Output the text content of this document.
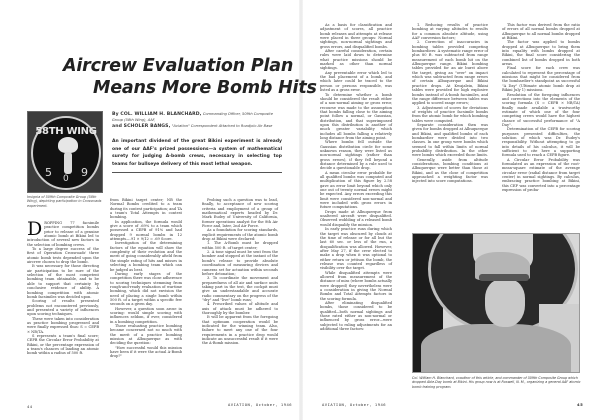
Aircrew Evaluation Plan
Means More Bomb Hits
By COL. WILLIAM H. BLANCHARD, Commanding Officer, 509th Composite Group (58th Wing), AAF,
and SCHOLER BANGS, "Aviation" Correspondent Attached to Roadjolo Air Base
An important dividend of the great Bikini experiment is already one of our AAF's prized possessions—a system of mathematical surety for judging A-bomb crews, necessary in selecting top teams for bullseye delivery of this most lethal weapon.
58TH WING
5 0 9
Insignia of 509th Composite Group (58th Wing), depicting participation in Crossroads experiment.

DROPPING 77 facsimile practice competition bombs prior to release of a genuine atomic bomb at Bikini led to introduction of several new factors in the selection of bombing crews.

To a large degree success of the first of Operation Crossroads' three atomic bomb tests depended upon the aircrew chosen to drop the bomb.

It was necessary for those directing air participation to be sure of the selection of the most competent bombing team obtainable, and to be able to support that certainty by conclusive evidence of ability. A bombing competition with atomic bomb facsimiles was decided upon.

Scoring of results presented problems not encountered previously, and presented a variety of influences upon scoring techniques.

These were taken into consideration as practice bombing progressed and were finally expressed thus: S = CEPB × NB/TA.

S represents a team's final score; CEPB the Circular Error Probability at Bikini, or the percentage expression of a team's chances of landing an atomic bomb within a radius of 500 ft.

from Bikini target center; NB the Normal Bombs credited to a team during its contest participation; and TA a team's Total Attempts in contest bombing.

In application, the formula would give a score of .69% to a team which possessed a CEPB of 91% and had dropped 9 normal bombs in 12 attempts—.91 × 9/12 = .69 Score.

Investigation of the determining factors of the equation will show the complexity of their evolution and the merit of going considerably afield from the simple rating of hits and misses in selecting a bombing team which can be judged as best.

During early stages of the competition there was close adherence to scoring techniques stemming from rough-and-ready evaluation of wartime bombing, which did not envision the need of placing a single bomb within 500 ft. of a target within a specific few seconds on a given day.

However, a question soon arose in scoring: would simple scoring with influences seldom, if ever, considered in a bombing competition.

Those evaluating practice bombing became concerned not so much with the merit of a practice bombing mission at Albuquerque as with deciding the question:

"How successful would this mission have been if it were the actual A-Bomb drop?"

Probing such a question was to lead, finally, to acceptance of new scoring criteria and employment of a group of mathematical experts headed by Dr. Mark Eudey of University of California, former operations analyst for the 8th Air Force and, later, 2nd Air Force.

As a foundation for scoring standards, explicit requirements of the atomic bomb drop at Bikini were declared:

1. The A-Bomb must be dropped within 500 ft. of target center;

2. A tone signal must be sent from the bomber and stopped at the instant of the bomb's release to provide absolute coordination of measuring devices and cameras set for actuation within seconds before detonation;

3. To coordinate the movement and preparedness of all air and surface units taking part in the test, the cockpit must give an understandable and accurate radio commentary on the progress of the "dry" and "live" bomb runs;

4. Prescribed values of altitude and axis of attack must be adhered to thoroughly by the bomber.

It will be apparent from the foregoing that optimum cooperation would be indicated for the winning team. Also, failure to meet any one of the four requirements in a practice drop would indicate an unsuccessful result if it were the A-Bomb mission.

As a basis for classification and adjustment of scores, all practice bomb releases and attempts at release were placed in three groups: Normal sightings, non-normal sightings and gross errors, and disqualified bombs.

After careful consideration, certain rules were laid down to determine what practice missions should be marked as other than normal sightings.

Any preventable error which led to the bad placement of a bomb, and which later could be traced to the person or persons responsible, was listed as a gross error.

To determine whether a bomb should be considered the result either of a non-normal aiming or gross error, recourse was made to the assumption that bombs falling close to the aiming point follow a normal, or Gaussian, distribution, and that superimposed upon this distribution is another of much greater variability which includes all bombs falling a relatively long distance from the aiming point.

Where bombs fell outside the Gaussian distribution circle for some unknown reason, they were listed as non-normal sightings (rather than gross errors), if they fell beyond a distance determined by a rule used to decide a questionable drop.

A mean circular error probable for all qualified bombs was computed and multiplication of this figure by 2.58 gave an error limit beyond which only one out of twenty normal errors might be expected. Any errors exceeding this limit were considered non-normal and were included with gross errors in future computations.

Drops made at Albuquerque from unaltered aircraft were disqualified. Observed wobbling of a released bomb would disqualify the mission.

In early practice runs during which the target was obscured by clouds at the time of release or for all but the last 60 sec. or less of the run, a disqualification was allowed. However, after May 27, if the crew elected to make a drop when it was optional to either return or jettison the bomb, the release was counted regardless of visibility over the target.

While disqualified attempts were allowed from measurement of the distance of miss (where bombs actually were dropped) they nevertheless were a consideration in giving the Normal Bombs and Total Attempts factors in the scoring formula.

After eliminating disqualified bombs, those considered to be qualified—both normal sightings and those rated either as non-normal or influenced by gross error—were subjected to ruling adjustments for an additional three factors:

1. Reducing results of practice bombing at varying altitudes to results for a common absolute altitude, using AAF conversion factors;

2. Correction of inaccuracies in bombing tables provided competing bombardiers: A systematic range error of plus 80 ft. was subtracted from range measurement of each bomb hit on the Albuquerque range. Bikini bombing tables provided for an air burst above the target, giving an "over" on impact which was subtracted from range errors of certain Albuquerque and Bikini practice drops. At Kwajalein, Bikini tables were provided for high explosive bombs instead of A-bomb facsimiles, and the range difference between tables was applied to scored range errors;

3. Adjustment of scores for deviations of weights of practice facsimile bombs from the atomic bomb for which bombing tables were computed.

Separate consideration then was given for bombs dropped at Albuquerque and Bikini, and qualified bombs of each bombardier were divided into two classes. In one group were bombs which seemed to fall within limits of normal probability distribution. In the other were bombs which exceeded those limits.

Generally, aside from altitude considerations, bombing conditions at Albuquerque were better than those at Bikini, and as the close of competition approached a weighting factor was injected into score computations.

This factor was derived from the ratio of errors of all normal bombs dropped at Albuquerque to all normal bombs dropped at Bikini.

The factor was applied to bombs dropped at Albuquerque to bring them into equality with bombs dropped at Bikini, the final score considering the combined list of bombs dropped in both areas.

Final score for each crew was calculated to represent the percentage of missions that might be considered from the bombardier's standpoint as successful "A Day" (Ultimate atomic bomb drop at Bikini July 1) missions.

Resolution of the foregoing influences and corrections into the elements of the scoring formula (S = CEPB × NB/TA) finally made available a trustworthy estimate of which one of the four competing crews would have the highest chance of successful performance of "A Day".

Determination of the CEPB for scoring purposes presented difficulties, the solution of which was Dr. Eudey's responsibility. Without attempting to go into details of his calculus, it will be sufficient to cite here a supporting formula used to reach a CEPB figure.

A Circular Error Probability was formulated as an expression of the root-mean-square estimate of the average circular error (radial distance from target center) in normal sightings. By calculus, embracing practice bombing at Bikini, this CEP was converted into a percentage expression of proba-

Col. William H. Blanchard, coauthor of this article, and commander of 509th Composite Group which dropped Able-Day bomb at Bikini. His group now is at Roswell, N. M., organizing a general AAF atomic bomb training program.
44	AVIATION, October, 1946	AVIATION, October, 1946	45
